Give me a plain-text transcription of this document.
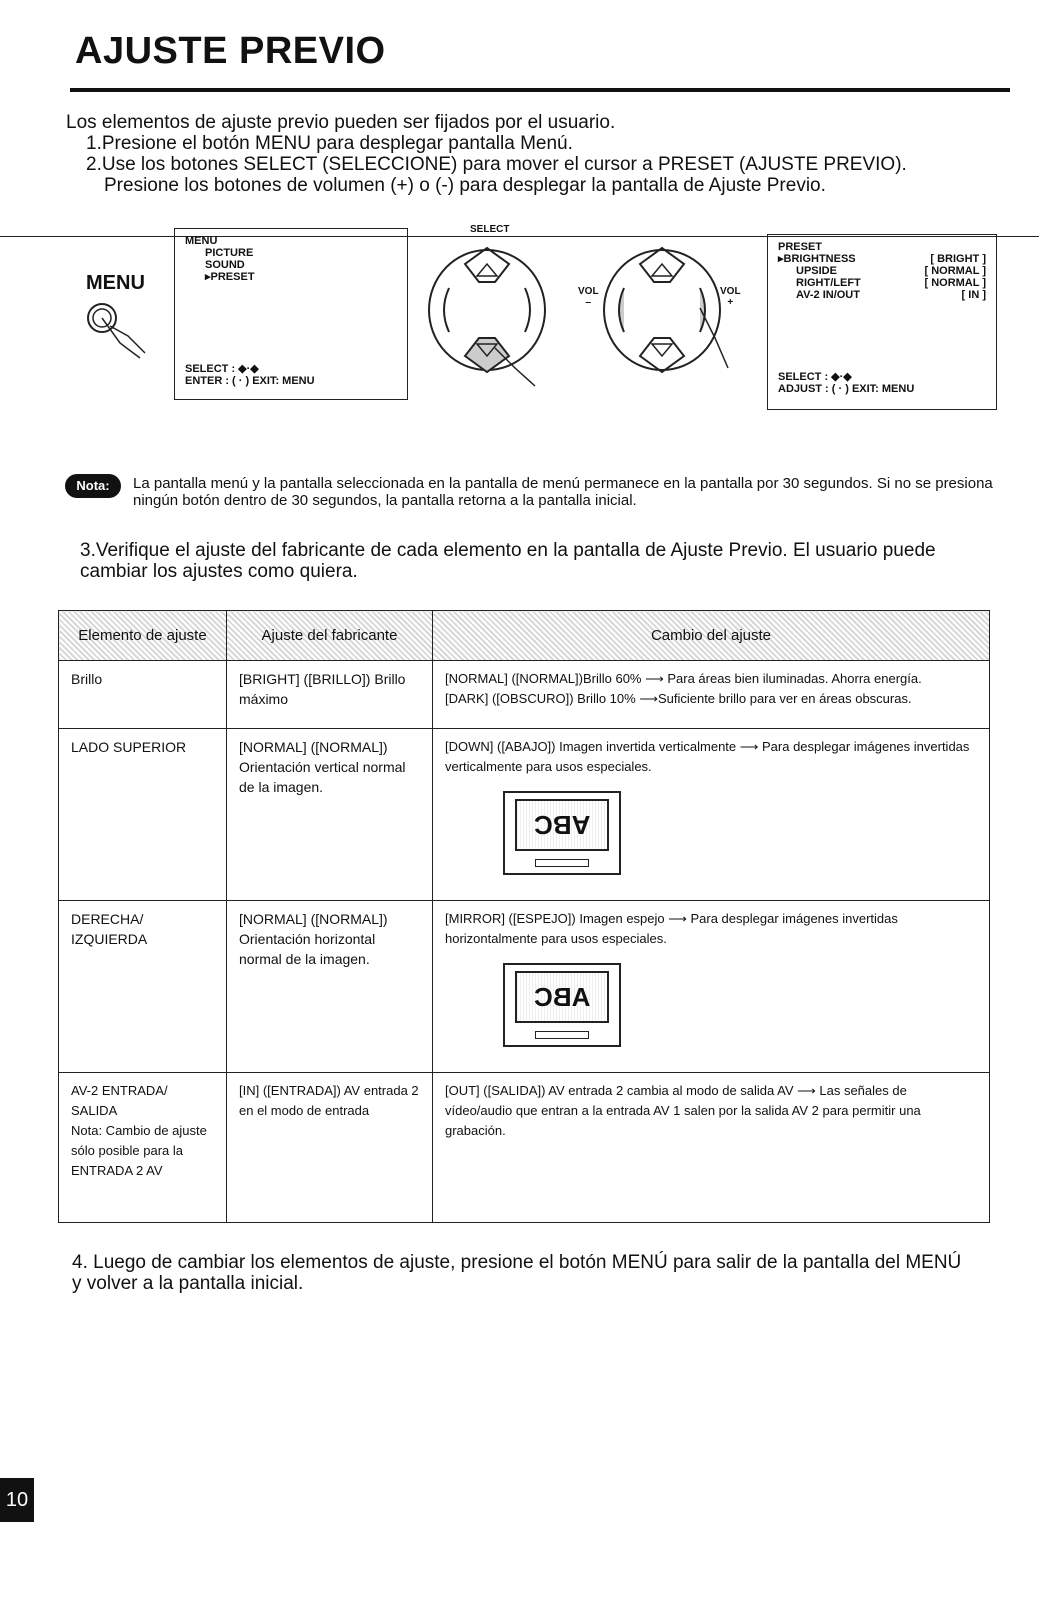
AJUSTE PREVIO
Los elementos de ajuste previo pueden ser fijados por el usuario.
1.Presione el botón MENU para desplegar pantalla Menú.
2.Use los botones SELECT (SELECCIONE) para mover el cursor a PRESET (AJUSTE PREVIO).
Presione los botones de volumen (+) o (-) para desplegar la pantalla de Ajuste Previo.
MENU
MENU
PICTURE
SOUND
▸PRESET
SELECT : ◆·◆
ENTER : ( · ) EXIT: MENU
SELECT
VOL
–
VOL
+
PRESET
▸BRIGHTNESS	[ BRIGHT ]
UPSIDE	[ NORMAL ]
RIGHT/LEFT	[ NORMAL ]
AV-2 IN/OUT	[ IN ]
SELECT : ◆·◆
ADJUST : ( · ) EXIT: MENU
Nota:	La pantalla menú y la pantalla seleccionada en la pantalla de menú permanece en la pantalla por 30 segundos. Si no se presiona ningún botón dentro de 30 segundos, la pantalla retorna a la pantalla inicial.
3.Verifique el ajuste del fabricante de cada elemento en la pantalla de Ajuste Previo. El usuario puede cambiar los ajustes como quiera.
Elemento de ajuste	Ajuste del fabricante	Cambio del ajuste
Brillo	[BRIGHT] ([BRILLO]) Brillo máximo	[NORMAL] ([NORMAL])Brillo 60% ⟶ Para áreas bien iluminadas. Ahorra energía.
[DARK] ([OBSCURO]) Brillo 10% ⟶Suficiente brillo para ver en áreas obscuras.
LADO SUPERIOR	[NORMAL] ([NORMAL]) Orientación vertical normal de la imagen.	[DOWN] ([ABAJO]) Imagen invertida verticalmente ⟶ Para desplegar imágenes invertidas verticalmente para usos especiales.
ABC

DERECHA/ IZQUIERDA	[NORMAL] ([NORMAL]) Orientación horizontal normal de la imagen.	[MIRROR] ([ESPEJO]) Imagen espejo ⟶ Para desplegar imágenes invertidas horizontalmente para usos especiales.
ABC

AV-2 ENTRADA/ SALIDA
Nota: Cambio de ajuste sólo posible para la ENTRADA 2 AV	[IN] ([ENTRADA]) AV entrada 2 en el modo de entrada	[OUT] ([SALIDA]) AV entrada 2 cambia al modo de salida AV ⟶ Las señales de vídeo/audio que entran a la entrada AV 1 salen por la salida AV 2 para permitir una grabación.
4. Luego de cambiar los elementos de ajuste, presione el botón MENÚ para salir de la pantalla del MENÚ y volver a la pantalla inicial.
10
